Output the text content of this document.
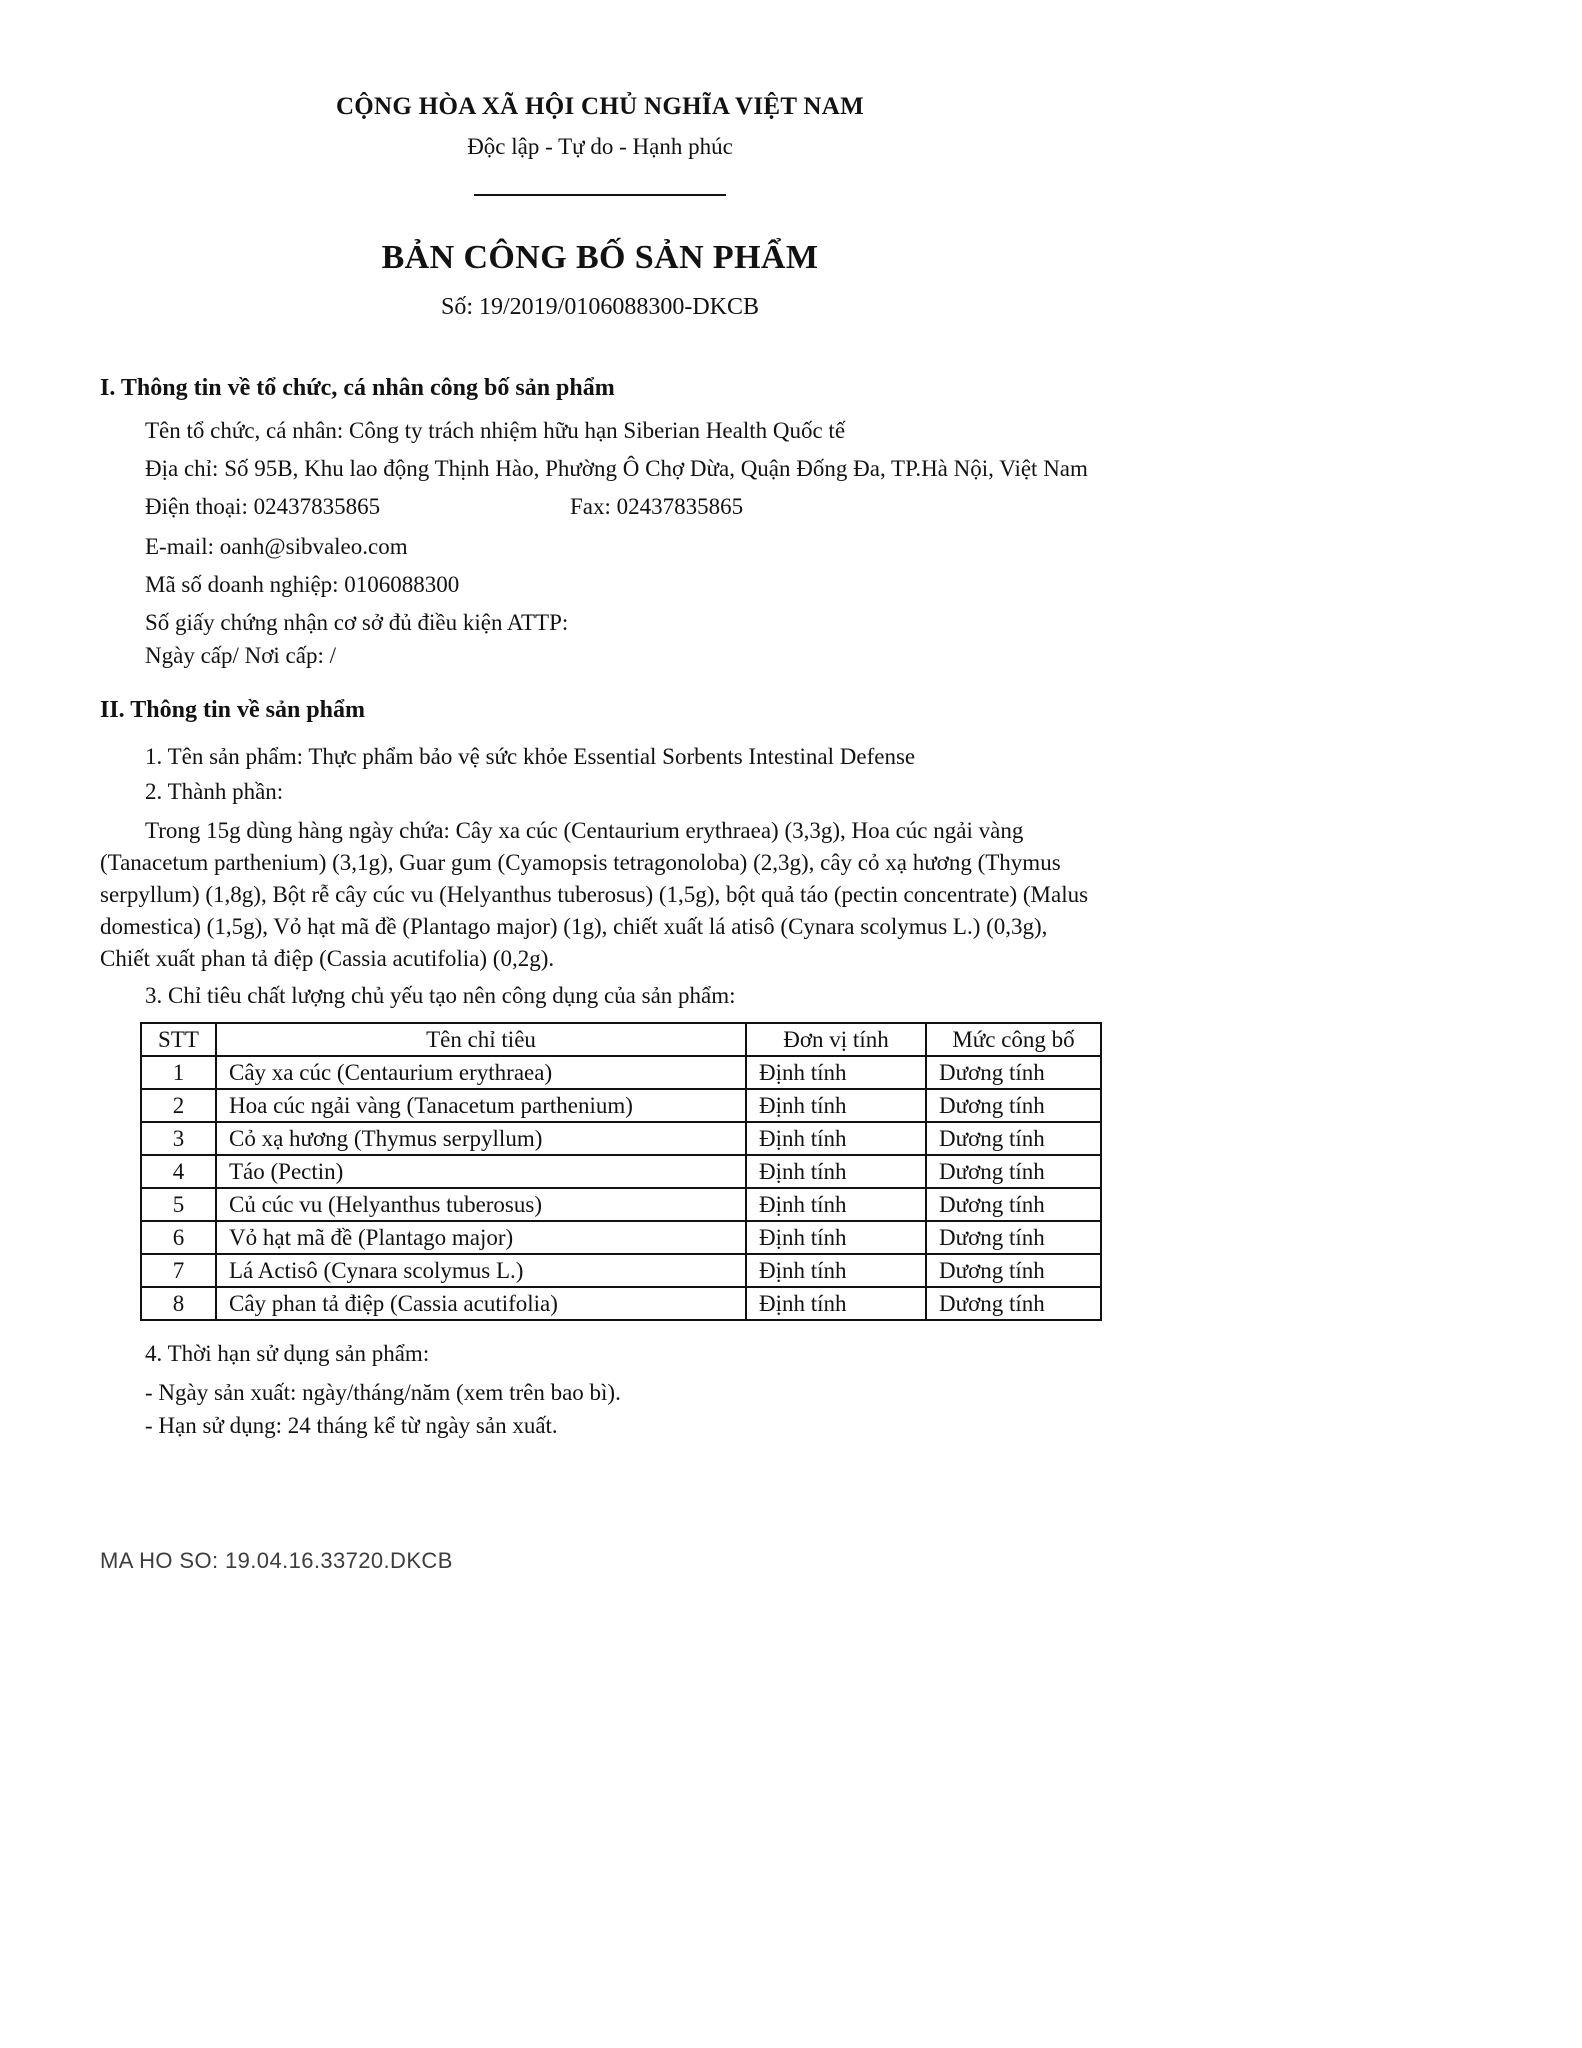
CỘNG HÒA XÃ HỘI CHỦ NGHĨA VIỆT NAM
Độc lập - Tự do - Hạnh phúc
BẢN CÔNG BỐ SẢN PHẨM
Số: 19/2019/0106088300-DKCB
I. Thông tin về tổ chức, cá nhân công bố sản phẩm

Tên tổ chức, cá nhân: Công ty trách nhiệm hữu hạn Siberian Health Quốc tế

Địa chỉ: Số 95B, Khu lao động Thịnh Hào, Phường Ô Chợ Dừa, Quận Đống Đa, TP.Hà Nội, Việt Nam

Điện thoại: 02437835865	Fax: 02437835865

E-mail: oanh@sibvaleo.com

Mã số doanh nghiệp: 0106088300

Số giấy chứng nhận cơ sở đủ điều kiện ATTP:

Ngày cấp/ Nơi cấp: /

II. Thông tin về sản phẩm

1. Tên sản phẩm: Thực phẩm bảo vệ sức khỏe Essential Sorbents Intestinal Defense

2. Thành phần:

Trong 15g dùng hàng ngày chứa: Cây xa cúc (Centaurium erythraea) (3,3g), Hoa cúc ngải vàng (Tanacetum parthenium) (3,1g), Guar gum (Cyamopsis tetragonoloba) (2,3g), cây cỏ xạ hương (Thymus serpyllum) (1,8g), Bột rễ cây cúc vu (Helyanthus tuberosus) (1,5g), bột quả táo (pectin concentrate) (Malus domestica) (1,5g), Vỏ hạt mã đề (Plantago major) (1g), chiết xuất lá atisô (Cynara scolymus L.) (0,3g), Chiết xuất phan tả điệp (Cassia acutifolia) (0,2g).

3. Chỉ tiêu chất lượng chủ yếu tạo nên công dụng của sản phẩm:

STT	Tên chỉ tiêu	Đơn vị tính	Mức công bố
1	Cây xa cúc (Centaurium erythraea)	Định tính	Dương tính
2	Hoa cúc ngải vàng (Tanacetum parthenium)	Định tính	Dương tính
3	Cỏ xạ hương (Thymus serpyllum)	Định tính	Dương tính
4	Táo (Pectin)	Định tính	Dương tính
5	Củ cúc vu (Helyanthus tuberosus)	Định tính	Dương tính
6	Vỏ hạt mã đề (Plantago major)	Định tính	Dương tính
7	Lá Actisô (Cynara scolymus L.)	Định tính	Dương tính
8	Cây phan tả điệp (Cassia acutifolia)	Định tính	Dương tính

4. Thời hạn sử dụng sản phẩm:

- Ngày sản xuất: ngày/tháng/năm (xem trên bao bì).

- Hạn sử dụng: 24 tháng kể từ ngày sản xuất.

MA HO SO: 19.04.16.33720.DKCB
